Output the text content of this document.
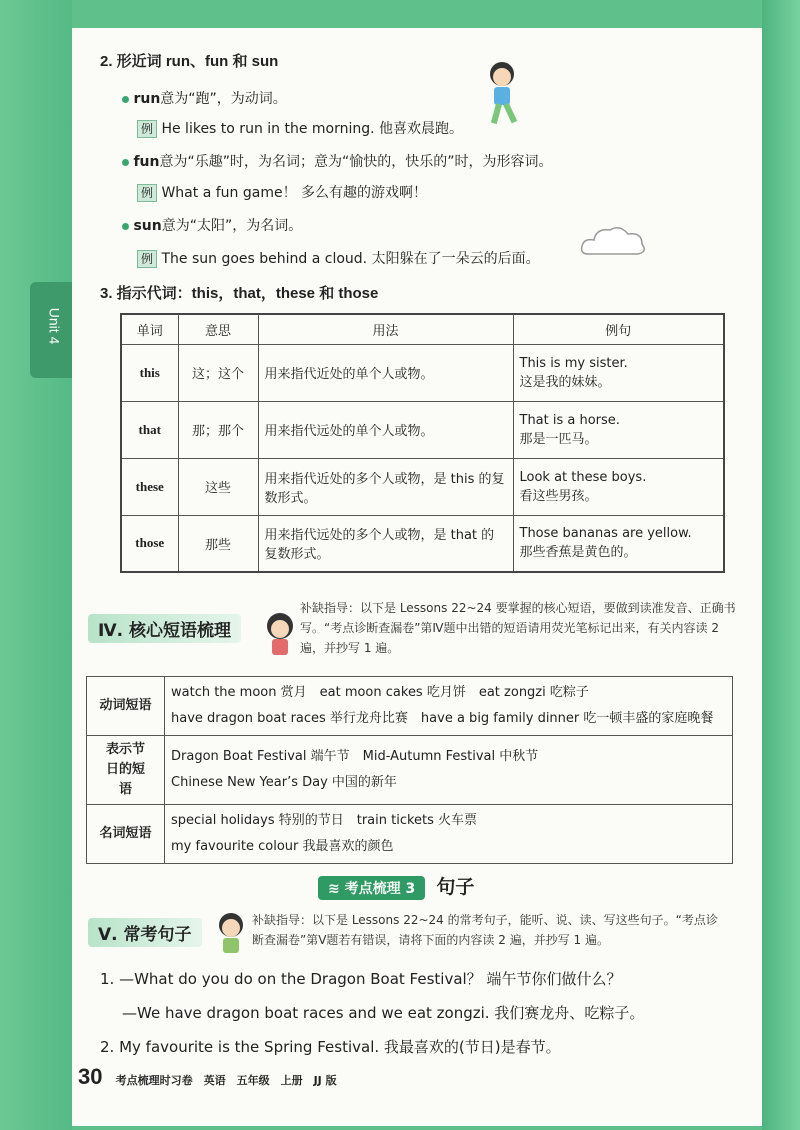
Unit 4
2. 形近词 run、fun 和 sun
run意为“跑”，为动词。
例 He likes to run in the morning. 他喜欢晨跑。
fun意为“乐趣”时，为名词；意为“愉快的，快乐的”时，为形容词。
例 What a fun game！ 多么有趣的游戏啊！
sun意为“太阳”，为名词。
例 The sun goes behind a cloud. 太阳躲在了一朵云的后面。
3. 指示代词：this，that，these 和 those
单词	意思	用法	例句
this	这；这个	用来指代近处的单个人或物。	This is my sister.
这是我的妹妹。

that	那；那个	用来指代远处的单个人或物。	That is a horse.
那是一匹马。

these	这些	用来指代近处的多个人或物，是 this 的复数形式。	Look at these boys.
看这些男孩。

those	那些	用来指代远处的多个人或物，是 that 的复数形式。	Those bananas are yellow.
那些香蕉是黄色的。
Ⅳ. 核心短语梳理
补缺指导：以下是 Lessons 22~24 要掌握的核心短语，要做到读准发音、正确书写。“考点诊断查漏卷”第Ⅳ题中出错的短语请用荧光笔标记出来，有关内容读 2 遍，并抄写 1 遍。
动词短语	watch the moon 赏月　eat moon cakes 吃月饼　eat zongzi 吃粽子
have dragon boat races 举行龙舟比赛　have a big family dinner 吃一顿丰盛的家庭晚餐

表示节日的短语	Dragon Boat Festival 端午节　Mid-Autumn Festival 中秋节
Chinese New Year’s Day 中国的新年

名词短语	special holidays 特别的节日　train tickets 火车票
my favourite colour 我最喜欢的颜色
≋ 考点梳理 3 句子
Ⅴ. 常考句子
补缺指导：以下是 Lessons 22~24 的常考句子，能听、说、读、写这些句子。“考点诊断查漏卷”第Ⅴ题若有错误，请将下面的内容读 2 遍，并抄写 1 遍。
1. —What do you do on the Dragon Boat Festival？ 端午节你们做什么？
—We have dragon boat races and we eat zongzi. 我们赛龙舟、吃粽子。
2. My favourite is the Spring Festival. 我最喜欢的(节日)是春节。
30 考点梳理时习卷　英语　五年级　上册　JJ 版
